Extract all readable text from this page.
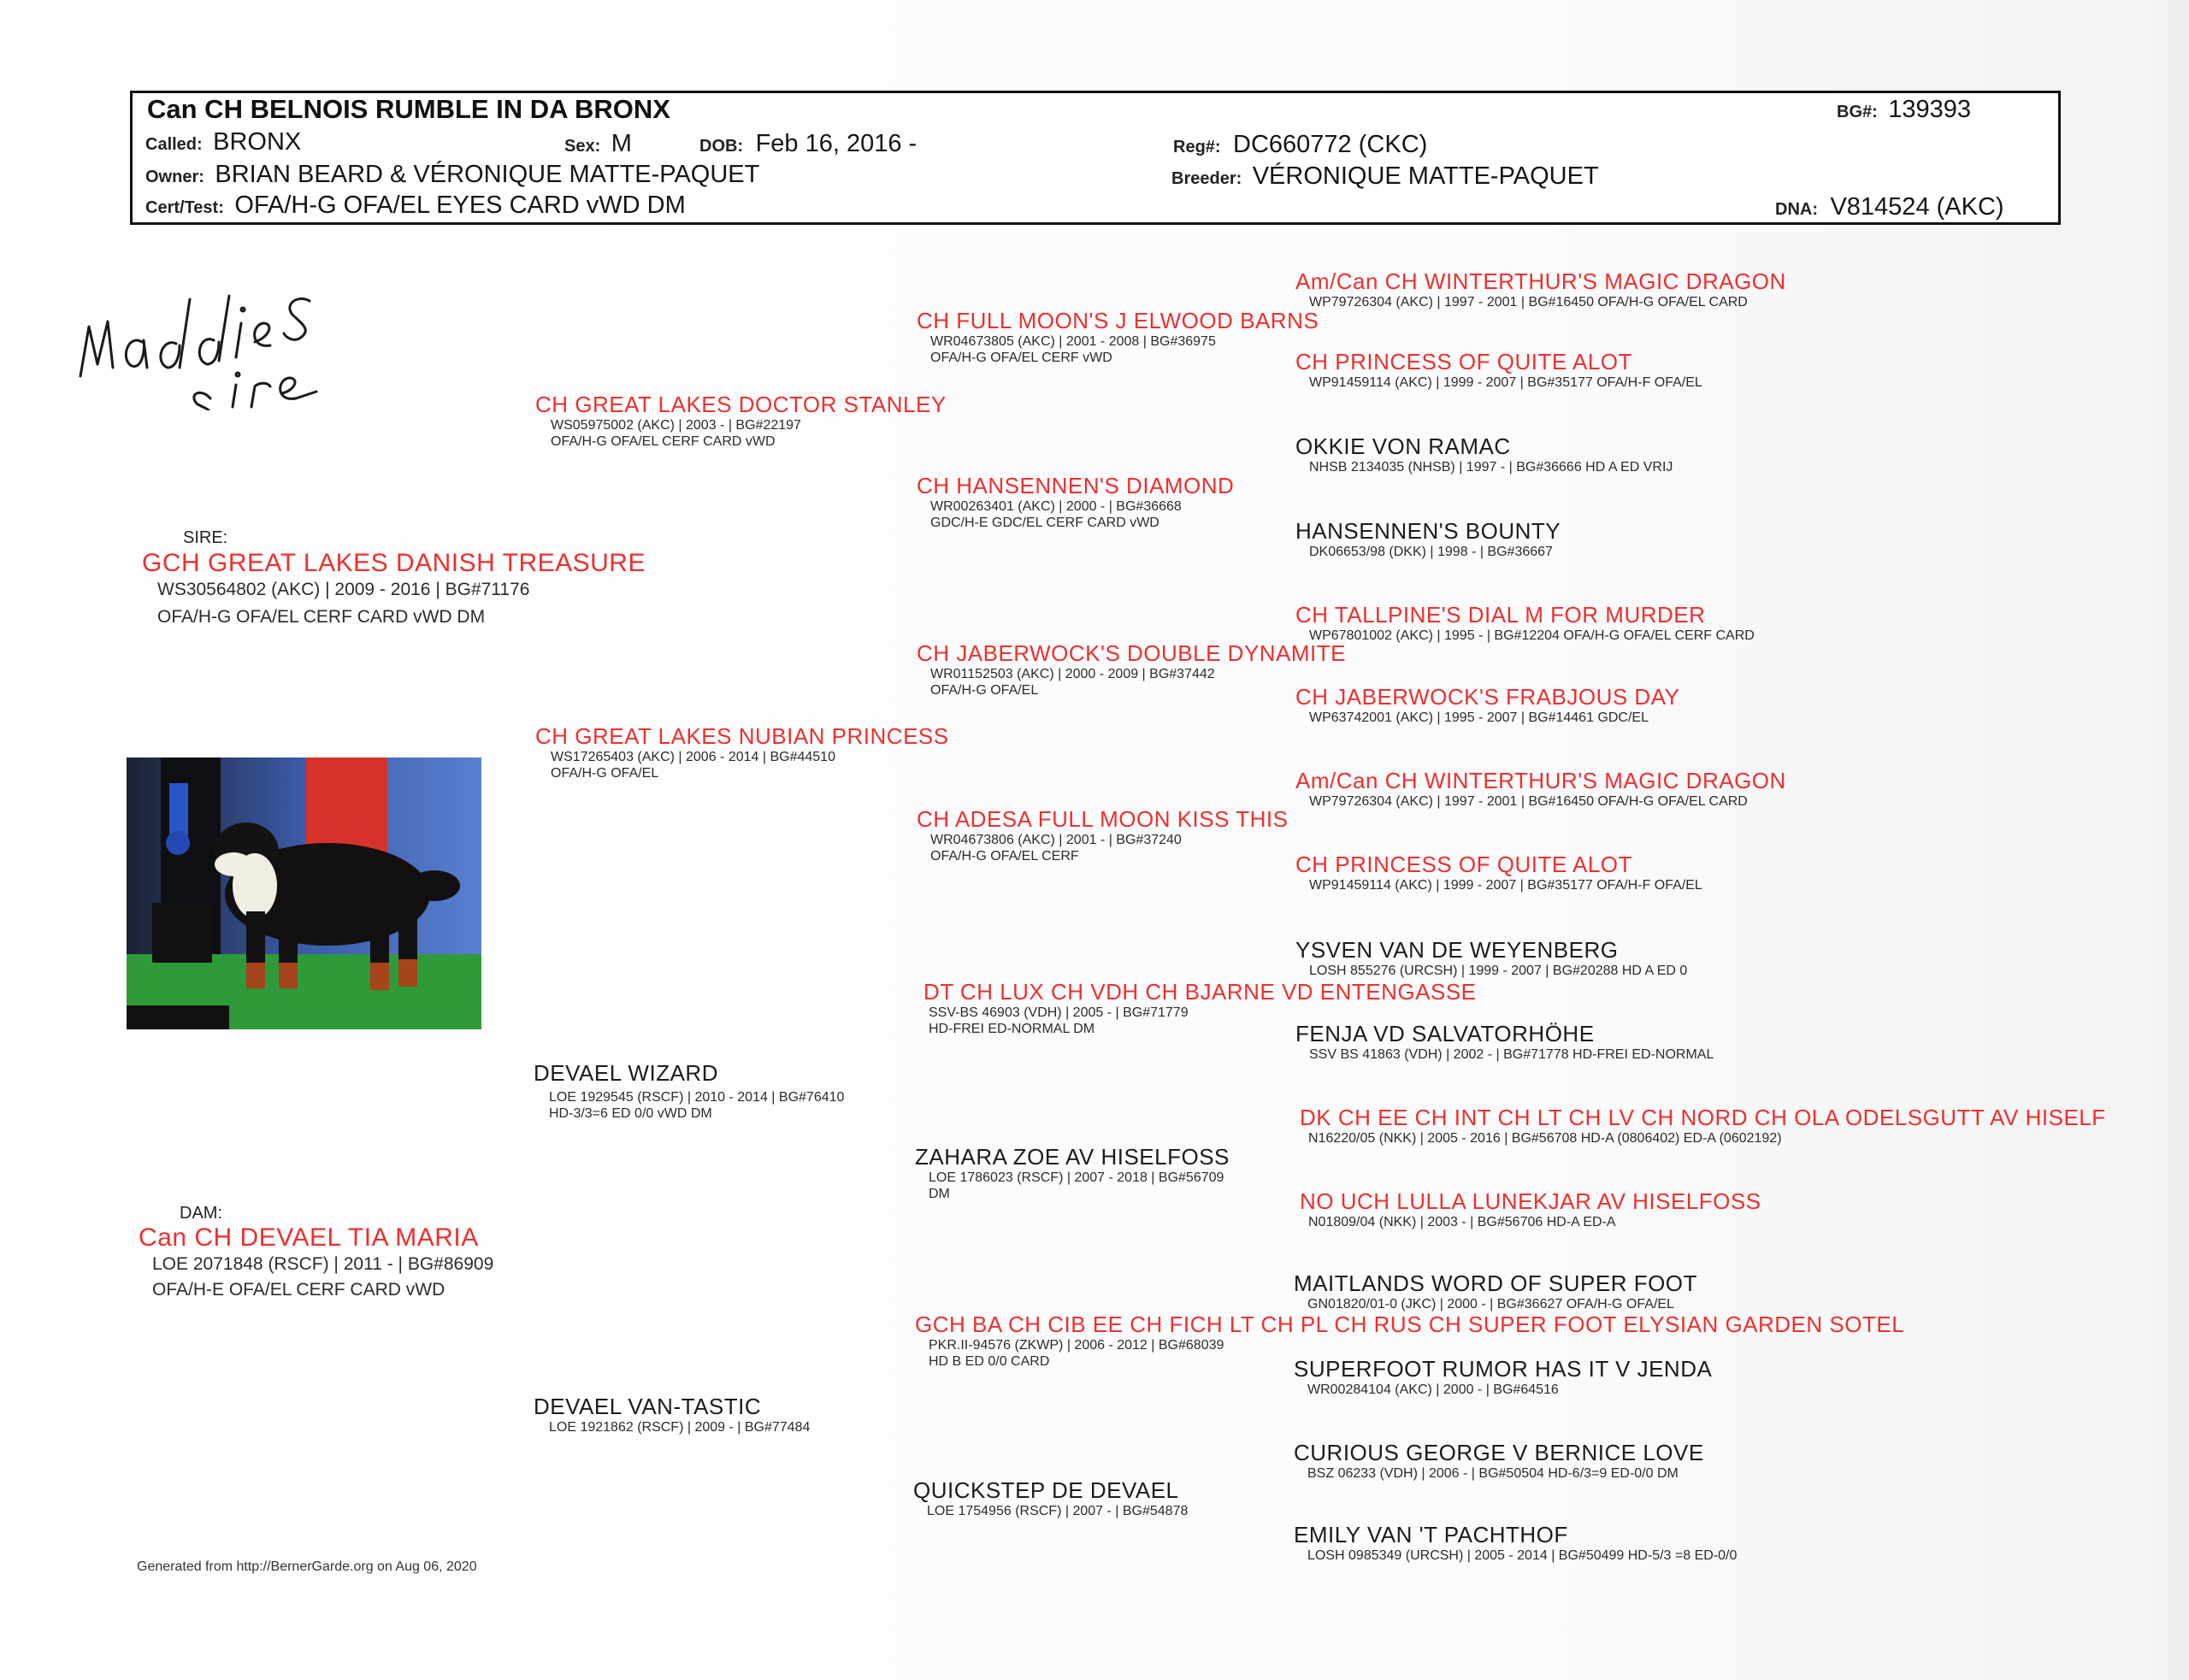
Can CH BELNOIS RUMBLE IN DA BRONX	BG#: 139393
Called: BRONX	Sex: M	DOB: Feb 16, 2016 -	Reg#: DC660772 (CKC)
Owner: BRIAN BEARD & VÉRONIQUE MATTE-PAQUET	Breeder: VÉRONIQUE MATTE-PAQUET
Cert/Test: OFA/H-G OFA/EL EYES CARD vWD DM	DNA: V814524 (AKC)
SIRE:
GCH GREAT LAKES DANISH TREASURE
WS30564802 (AKC) | 2009 - 2016 | BG#71176
OFA/H-G OFA/EL CERF CARD vWD DM
DAM:
Can CH DEVAEL TIA MARIA
LOE 2071848 (RSCF) | 2011 - | BG#86909
OFA/H-E OFA/EL CERF CARD vWD
CH GREAT LAKES DOCTOR STANLEY
WS05975002 (AKC) | 2003 - | BG#22197
OFA/H-G OFA/EL CERF CARD vWD
CH GREAT LAKES NUBIAN PRINCESS
WS17265403 (AKC) | 2006 - 2014 | BG#44510
OFA/H-G OFA/EL
DEVAEL WIZARD
LOE 1929545 (RSCF) | 2010 - 2014 | BG#76410
HD-3/3=6 ED 0/0 vWD DM
DEVAEL VAN-TASTIC
LOE 1921862 (RSCF) | 2009 - | BG#77484
CH FULL MOON'S J ELWOOD BARNS
WR04673805 (AKC) | 2001 - 2008 | BG#36975
OFA/H-G OFA/EL CERF vWD
CH HANSENNEN'S DIAMOND
WR00263401 (AKC) | 2000 - | BG#36668
GDC/H-E GDC/EL CERF CARD vWD
CH JABERWOCK'S DOUBLE DYNAMITE
WR01152503 (AKC) | 2000 - 2009 | BG#37442
OFA/H-G OFA/EL
CH ADESA FULL MOON KISS THIS
WR04673806 (AKC) | 2001 - | BG#37240
OFA/H-G OFA/EL CERF
DT CH LUX CH VDH CH BJARNE VD ENTENGASSE
SSV-BS 46903 (VDH) | 2005 - | BG#71779
HD-FREI ED-NORMAL DM
ZAHARA ZOE AV HISELFOSS
LOE 1786023 (RSCF) | 2007 - 2018 | BG#56709
DM
GCH BA CH CIB EE CH FICH LT CH PL CH RUS CH SUPER FOOT ELYSIAN GARDEN SOTEL
PKR.II-94576 (ZKWP) | 2006 - 2012 | BG#68039
HD B ED 0/0 CARD
QUICKSTEP DE DEVAEL
LOE 1754956 (RSCF) | 2007 - | BG#54878
Am/Can CH WINTERTHUR'S MAGIC DRAGON
WP79726304 (AKC) | 1997 - 2001 | BG#16450 OFA/H-G OFA/EL CARD
CH PRINCESS OF QUITE ALOT
WP91459114 (AKC) | 1999 - 2007 | BG#35177 OFA/H-F OFA/EL
OKKIE VON RAMAC
NHSB 2134035 (NHSB) | 1997 - | BG#36666 HD A ED VRIJ
HANSENNEN'S BOUNTY
DK06653/98 (DKK) | 1998 - | BG#36667
CH TALLPINE'S DIAL M FOR MURDER
WP67801002 (AKC) | 1995 - | BG#12204 OFA/H-G OFA/EL CERF CARD
CH JABERWOCK'S FRABJOUS DAY
WP63742001 (AKC) | 1995 - 2007 | BG#14461 GDC/EL
Am/Can CH WINTERTHUR'S MAGIC DRAGON
WP79726304 (AKC) | 1997 - 2001 | BG#16450 OFA/H-G OFA/EL CARD
CH PRINCESS OF QUITE ALOT
WP91459114 (AKC) | 1999 - 2007 | BG#35177 OFA/H-F OFA/EL
YSVEN VAN DE WEYENBERG
LOSH 855276 (URCSH) | 1999 - 2007 | BG#20288 HD A ED 0
FENJA VD SALVATORHÖHE
SSV BS 41863 (VDH) | 2002 - | BG#71778 HD-FREI ED-NORMAL
DK CH EE CH INT CH LT CH LV CH NORD CH OLA ODELSGUTT AV HISELF
N16220/05 (NKK) | 2005 - 2016 | BG#56708 HD-A (0806402) ED-A (0602192)
NO UCH LULLA LUNEKJAR AV HISELFOSS
N01809/04 (NKK) | 2003 - | BG#56706 HD-A ED-A
MAITLANDS WORD OF SUPER FOOT
GN01820/01-0 (JKC) | 2000 - | BG#36627 OFA/H-G OFA/EL
SUPERFOOT RUMOR HAS IT V JENDA
WR00284104 (AKC) | 2000 - | BG#64516
CURIOUS GEORGE V BERNICE LOVE
BSZ 06233 (VDH) | 2006 - | BG#50504 HD-6/3=9 ED-0/0 DM
EMILY VAN 'T PACHTHOF
LOSH 0985349 (URCSH) | 2005 - 2014 | BG#50499 HD-5/3 =8 ED-0/0
Generated from http://BernerGarde.org on Aug 06, 2020
